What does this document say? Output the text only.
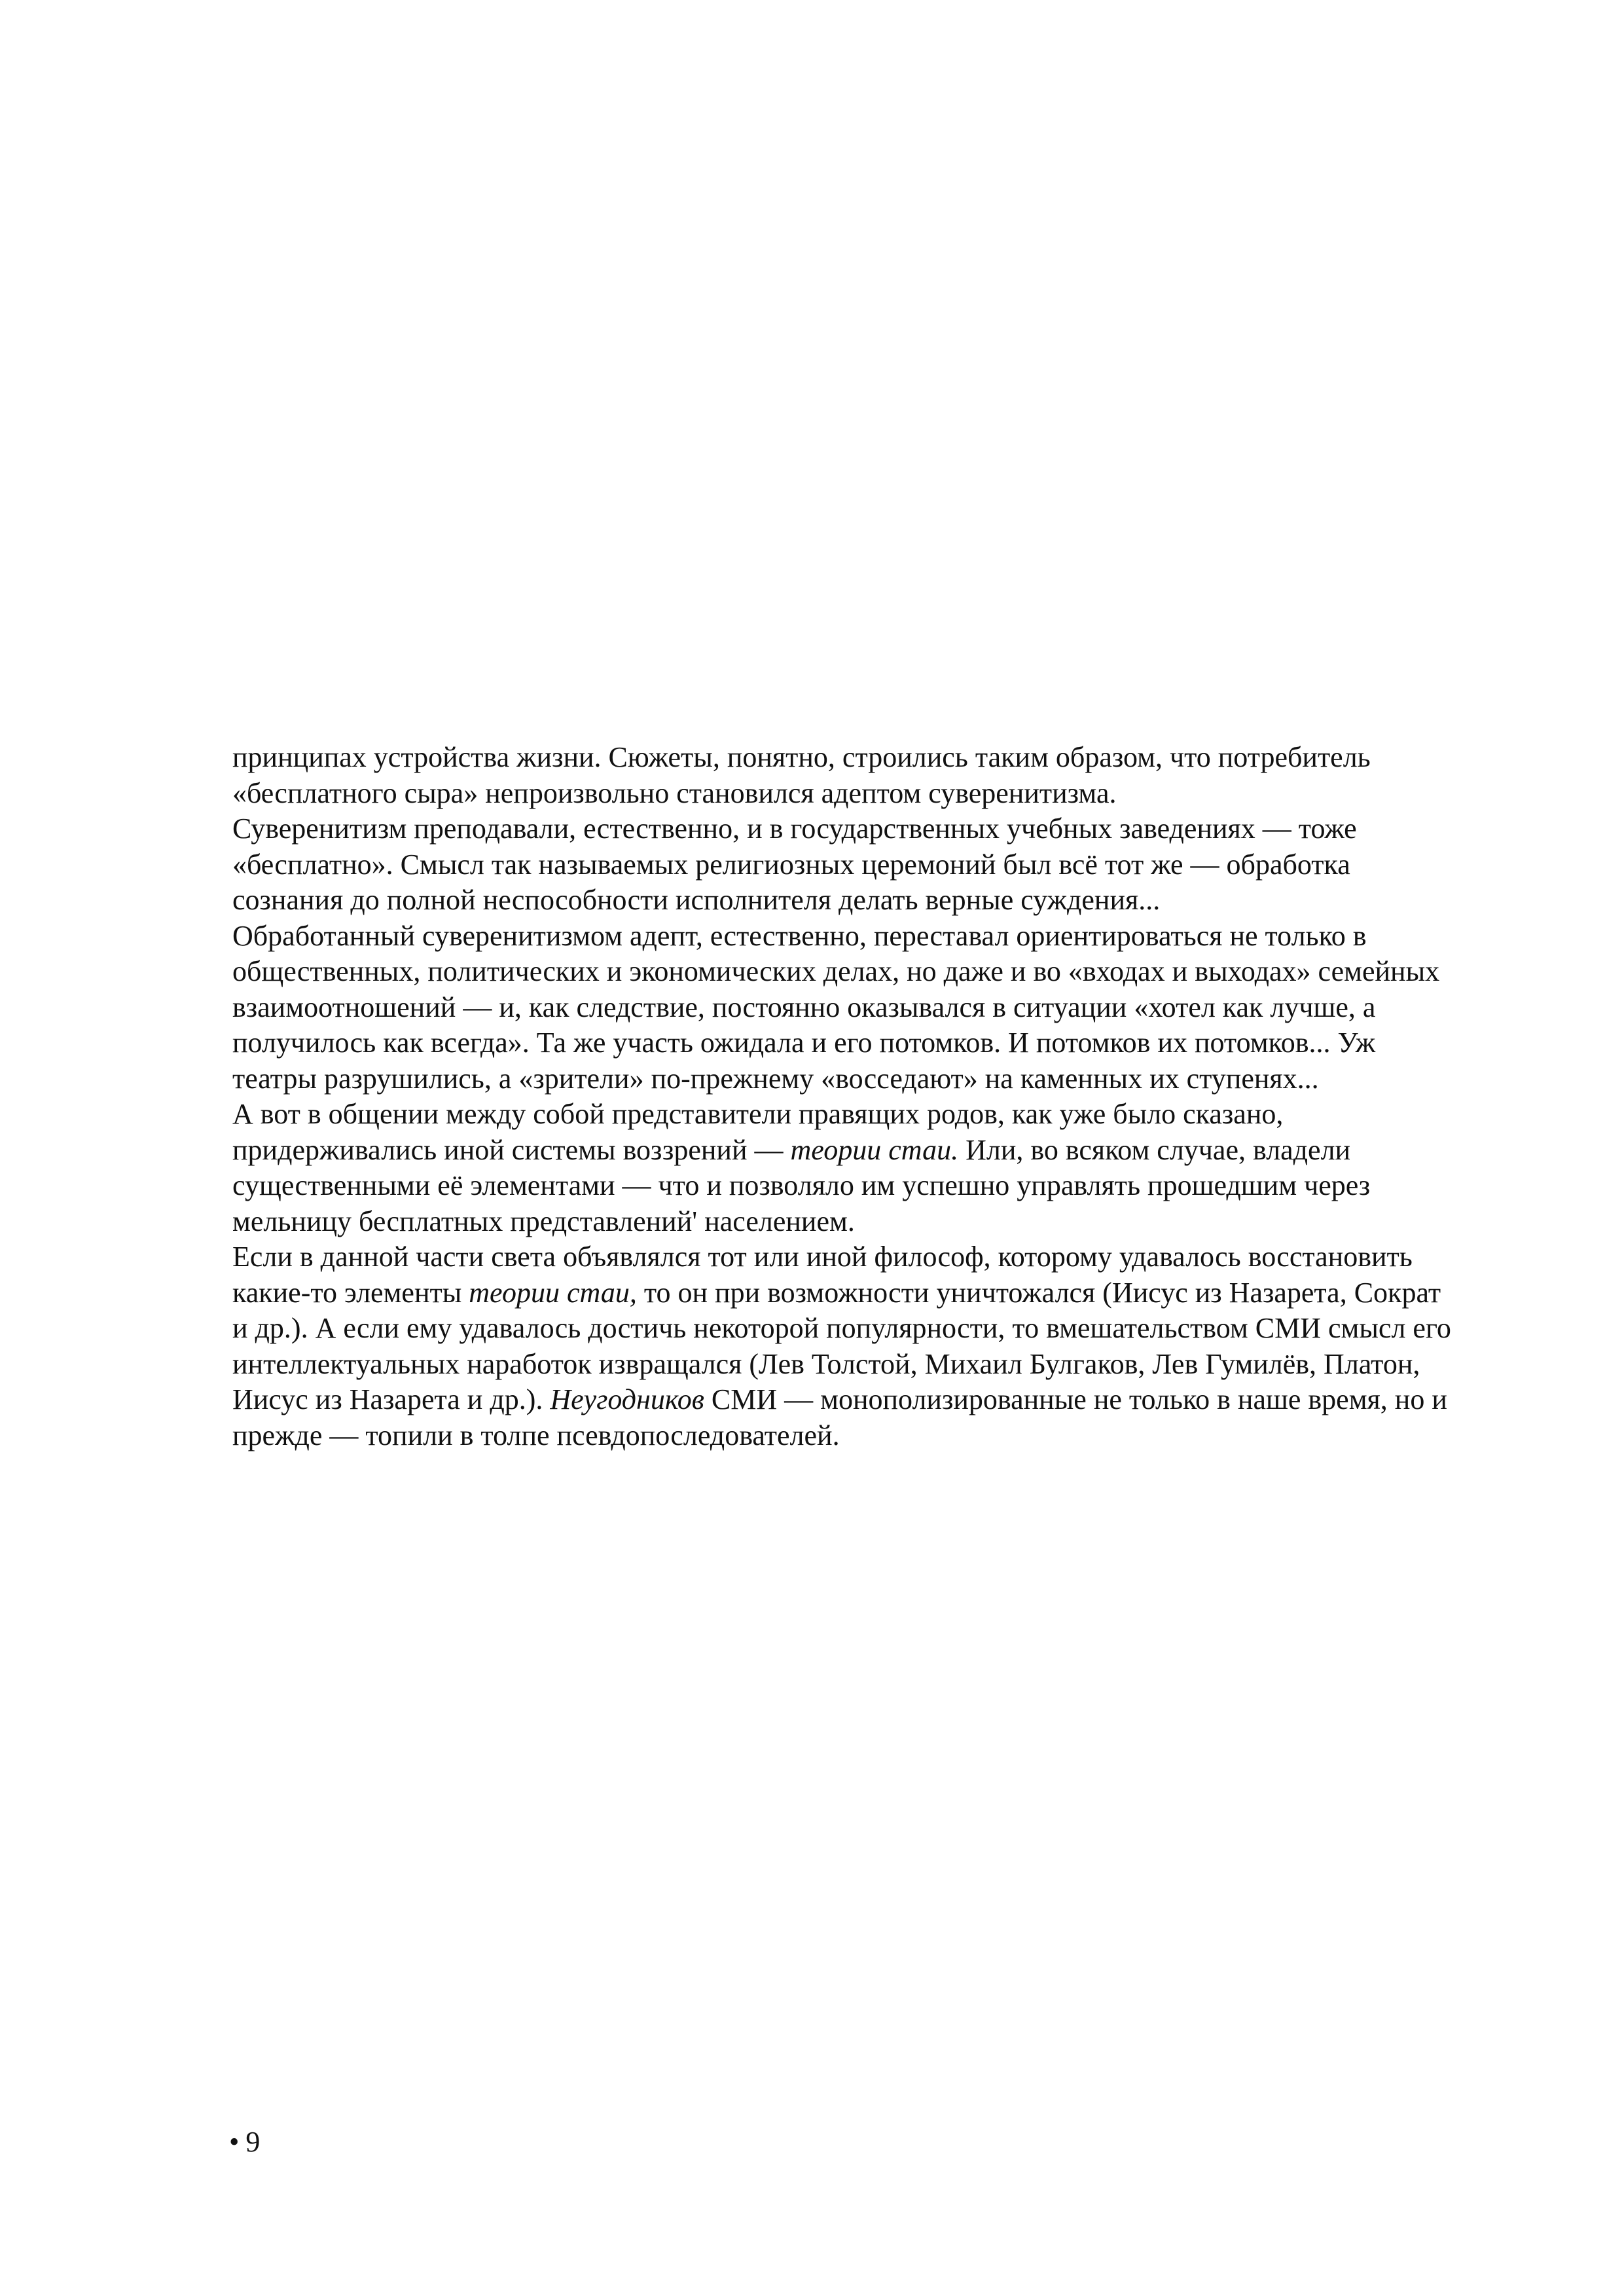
принципах устройства жизни. Сюжеты, понятно, строились таким образом, что потребитель
«бесплатного сыра» непроизвольно становился адептом суверенитизма.
Суверенитизм преподавали, естественно, и в государственных учебных заведениях — тоже
«бесплатно». Смысл так называемых религиозных церемоний был всё тот же — обработка
сознания до полной неспособности исполнителя делать верные суждения...
Обработанный суверенитизмом адепт, естественно, переставал ориентироваться не только в
общественных, политических и экономических делах, но даже и во «входах и выходах» семейных
взаимоотношений — и, как следствие, постоянно оказывался в ситуации «хотел как лучше, а
получилось как всегда». Та же участь ожидала и его потомков. И потомков их потомков... Уж
театры разрушились, а «зрители» по-прежнему «восседают» на каменных их ступенях...
А вот в общении между собой представители правящих родов, как уже было сказано,
придерживались иной системы воззрений — теории стаи. Или, во всяком случае, владели
существенными её элементами — что и позволяло им успешно управлять прошедшим через
мельницу бесплатных представлений' населением.
Если в данной части света объявлялся тот или иной философ, которому удавалось восстановить
какие-то элементы теории стаи, то он при возможности уничтожался (Иисус из Назарета, Сократ
и др.). А если ему удавалось достичь некоторой популярности, то вмешательством СМИ смысл его
интеллектуальных наработок извращался (Лев Толстой, Михаил Булгаков, Лев Гумилёв, Платон,
Иисус из Назарета и др.). Неугодников СМИ — монополизированные не только в наше время, но и
прежде — топили в толпе псевдопоследователей.
• 9
